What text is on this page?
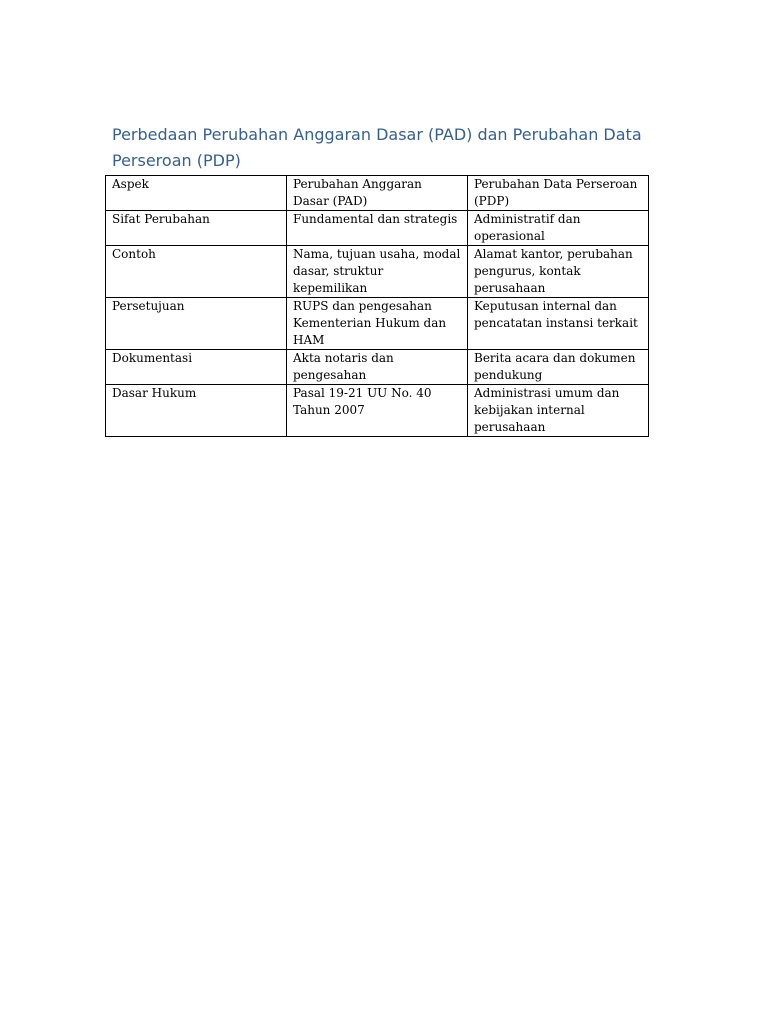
Perbedaan Perubahan Anggaran Dasar (PAD) dan Perubahan Data Perseroan (PDP)
Aspek	Perubahan Anggaran Dasar (PAD)	Perubahan Data Perseroan (PDP)
Sifat Perubahan	Fundamental dan strategis	Administratif dan operasional
Contoh	Nama, tujuan usaha, modal dasar, struktur kepemilikan	Alamat kantor, perubahan pengurus, kontak perusahaan
Persetujuan	RUPS dan pengesahan Kementerian Hukum dan HAM	Keputusan internal dan pencatatan instansi terkait
Dokumentasi	Akta notaris dan pengesahan	Berita acara dan dokumen pendukung
Dasar Hukum	Pasal 19-21 UU No. 40 Tahun 2007	Administrasi umum dan kebijakan internal perusahaan
